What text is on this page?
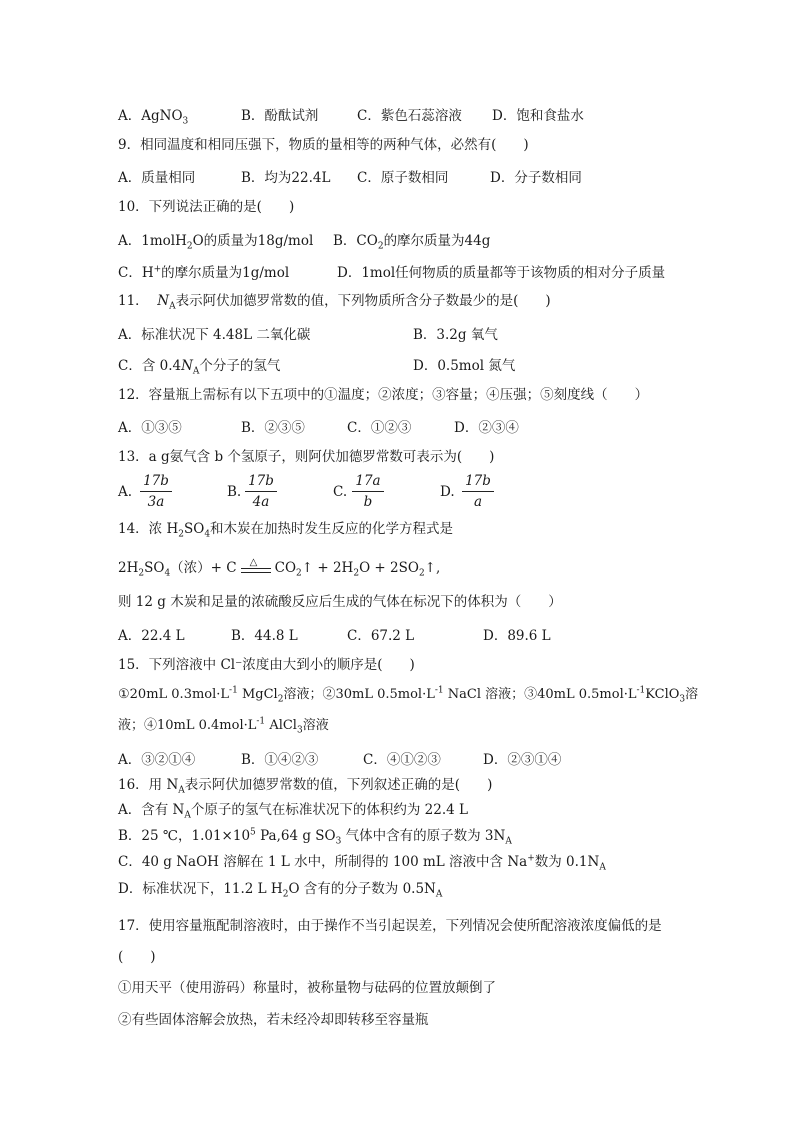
A．AgNO$_3$	B．酚酞试剂	C．紫色石蕊溶液 D．饱和食盐水
9．相同温度和相同压强下，物质的量相等的两种气体，必然有(　　)
A．质量相同	B．均为22.4L C．原子数相同	D．分子数相同
10．下列说法正确的是(　　)
A．1molH$_2$O的质量为18g/mol B．$CO_2$的摩尔质量为44g
C．H+的摩尔质量为1g/mol	D．1mol任何物质的质量都等于该物质的相对分子质量
11． $N_A$表示阿伏加德罗常数的值，下列物质所含分子数最少的是(　　)
A．标准状况下 4.48L 二氧化碳	B．3.2g 氧气
C．含 $0.4N_A$个分子的氢气	D．0.5mol 氮气
12．容量瓶上需标有以下五项中的①温度；②浓度；③容量；④压强；⑤刻度线（　　）
A．①③⑤	B．②③⑤	C．①②③	D．②③④
13．a g氨气含 b 个氢原子，则阿伏加德罗常数可表示为(　　)
A. $\frac{17b}{3a}$	B. $\frac{17b}{4a}$	C. $\frac{17a}{b}$	D. $\frac{17b}{a}$
14．浓 $H_2SO_4$和木炭在加热时发生反应的化学方程式是
$2H_2SO_4$（浓）+ C △ $CO_2↑ + 2H_2O$ + $2SO_2↑$,
则 12 g 木炭和足量的浓硫酸反应后生成的气体在标况下的体积为（　　）
A．22.4 L	B．44.8 L	C．67.2 L	D．89.6 L
15．下列溶液中 Cl⁻浓度由大到小的顺序是(　　)
①20mL $0.3mol\cdot L^{-1}$ MgCl$_2$溶液；②30mL $0.5mol\cdot L^{-1}$ NaCl 溶液；③40mL $0.5mol\cdot L^{-1}KClO_3$溶
液；④10mL $0.4mol\cdot L^{-1}$ AlCl$_3$溶液
A．③②①④	B．①④②③	C．④①②③	D．②③①④
16．用 $N_A$表示阿伏加德罗常数的值，下列叙述正确的是(　　)
A．含有 $N_A$个原子的氢气在标准状况下的体积约为 22.4 L
B．25 ℃，$1.01\times 10^5$ Pa,64 g $SO_3$ 气体中含有的原子数为 $3N_A$
C．40 g NaOH 溶解在 1 L 水中，所制得的 100 mL 溶液中含 Na+数为 $0.1N_A$
D．标准状况下，11.2 L $H_2O$ 含有的分子数为 $0.5N_A$
17．使用容量瓶配制溶液时，由于操作不当引起误差，下列情况会使所配溶液浓度偏低的是
(　　)
①用天平（使用游码）称量时，被称量物与砝码的位置放颠倒了
②有些固体溶解会放热，若未经冷却即转移至容量瓶
